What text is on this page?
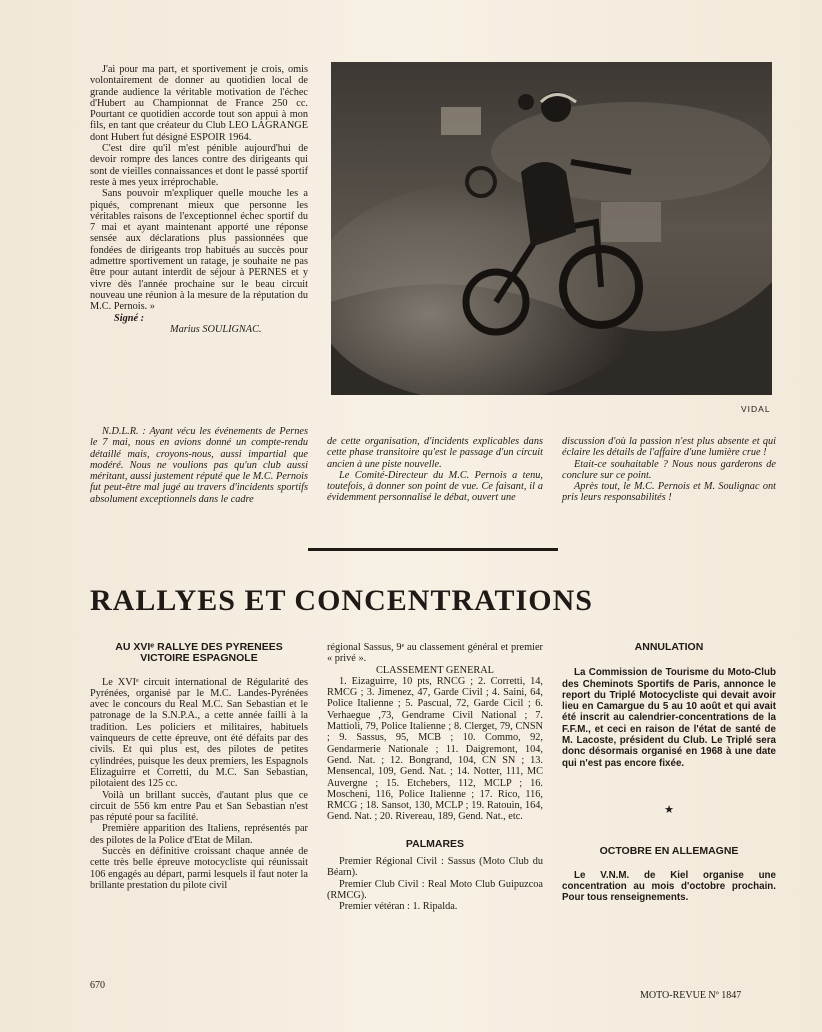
J'ai pour ma part, et sportivement je crois, omis volontairement de donner au quotidien local de grande audience la véritable motivation de l'échec d'Hubert au Championnat de France 250 cc. Pourtant ce quotidien accorde tout son appui à mon fils, en tant que créateur du Club LEO LAGRANGE dont Hubert fut désigné ESPOIR 1964.

C'est dire qu'il m'est pénible aujourd'hui de devoir rompre des lances contre des dirigeants qui sont de vieilles connaissances et dont le passé sportif reste à mes yeux irréprochable.

Sans pouvoir m'expliquer quelle mouche les a piqués, comprenant mieux que personne les véritables raisons de l'exceptionnel échec sportif du 7 mai et ayant maintenant apporté une réponse sensée aux déclarations plus passionnées que fondées de dirigeants trop habitués au succès pour admettre sportivement un ratage, je souhaite ne pas être pour autant interdit de séjour à PERNES et y vivre dès l'année prochaine sur le beau circuit nouveau une réunion à la mesure de la réputation du M.C. Pernois. »

Signé :

Marius SOULIGNAC.

VIDAL

N.D.L.R. : Ayant vécu les événements de Pernes le 7 mai, nous en avions donné un compte-rendu détaillé mais, croyons-nous, aussi impartial que modéré. Nous ne voulions pas qu'un club aussi méritant, aussi justement réputé que le M.C. Pernois fut peut-être mal jugé au travers d'incidents sportifs absolument exceptionnels dans le cadre

de cette organisation, d'incidents explicables dans cette phase transitoire qu'est le passage d'un circuit ancien à une piste nouvelle.

Le Comité-Directeur du M.C. Pernois a tenu, toutefois, à donner son point de vue. Ce faisant, il a évidemment personnalisé le débat, ouvert une

discussion d'où la passion n'est plus absente et qui éclaire les détails de l'affaire d'une lumière crue !

Etait-ce souhaitable ? Nous nous garderons de conclure sur ce point.

Après tout, le M.C. Pernois et M. Soulignac ont pris leurs responsabilités !

RALLYES ET CONCENTRATIONS
AU XVIᵉ RALLYE DES PYRENEES
VICTOIRE ESPAGNOLE

Le XVIᵉ circuit international de Régularité des Pyrénées, organisé par le M.C. Landes-Pyrénées avec le concours du Real M.C. San Sebastian et le patronage de la S.N.P.A., a cette année failli à la tradition. Les policiers et militaires, habituels vainqueurs de cette épreuve, ont été défaits par des civils. Et qui plus est, des pilotes de petites cylindrées, puisque les deux premiers, les Espagnols Elizaguirre et Corretti, du M.C. San Sebastian, pilotaient des 125 cc.

Voilà un brillant succès, d'autant plus que ce circuit de 556 km entre Pau et San Sebastian n'est pas réputé pour sa facilité.

Première apparition des Italiens, représentés par des pilotes de la Police d'Etat de Milan.

Succès en définitive croissant chaque année de cette très belle épreuve motocycliste qui réunissait 106 engagés au départ, parmi lesquels il faut noter la brillante prestation du pilote civil

régional Sassus, 9ᵉ au classement général et premier « privé ».

CLASSEMENT GENERAL

1. Eizaguirre, 10 pts, RNCG ; 2. Corretti, 14, RMCG ; 3. Jimenez, 47, Garde Civil ; 4. Saini, 64, Police Italienne ; 5. Pascual, 72, Garde Cicil ; 6. Verhaegue ,73, Gendrame Civil National ; 7. Mattioli, 79, Police Italienne ; 8. Clerget, 79, CNSN ; 9. Sassus, 95, MCB ; 10. Commo, 92, Gendarmerie Nationale ; 11. Daigremont, 104, Gend. Nat. ; 12. Bongrand, 104, CN SN ; 13. Mensencal, 109, Gend. Nat. ; 14. Notter, 111, MC Auvergne ; 15. Etchebers, 112, MCLP ; 16. Moscheni, 116, Police Italienne ; 17. Rico, 116, RMCG ; 18. Sansot, 130, MCLP ; 19. Ratouin, 164, Gend. Nat. ; 20. Rivereau, 189, Gend. Nat., etc.

PALMARES

Premier Régional Civil : Sassus (Moto Club du Béarn).

Premier Club Civil : Real Moto Club Guipuzcoa (RMCG).

Premier vétéran : 1. Ripalda.

ANNULATION

La Commission de Tourisme du Moto-Club des Cheminots Sportifs de Paris, annonce le report du Triplé Motocycliste qui devait avoir lieu en Camargue du 5 au 10 août et qui avait été inscrit au calendrier-concentrations de la F.F.M., et ceci en raison de l'état de santé de M. Lacoste, président du Club. Le Triplé sera donc désormais organisé en 1968 à une date qui n'est pas encore fixée.

★
OCTOBRE EN ALLEMAGNE

Le V.N.M. de Kiel organise une concentration au mois d'octobre prochain. Pour tous renseignements.

670
MOTO-REVUE Nº 1847
